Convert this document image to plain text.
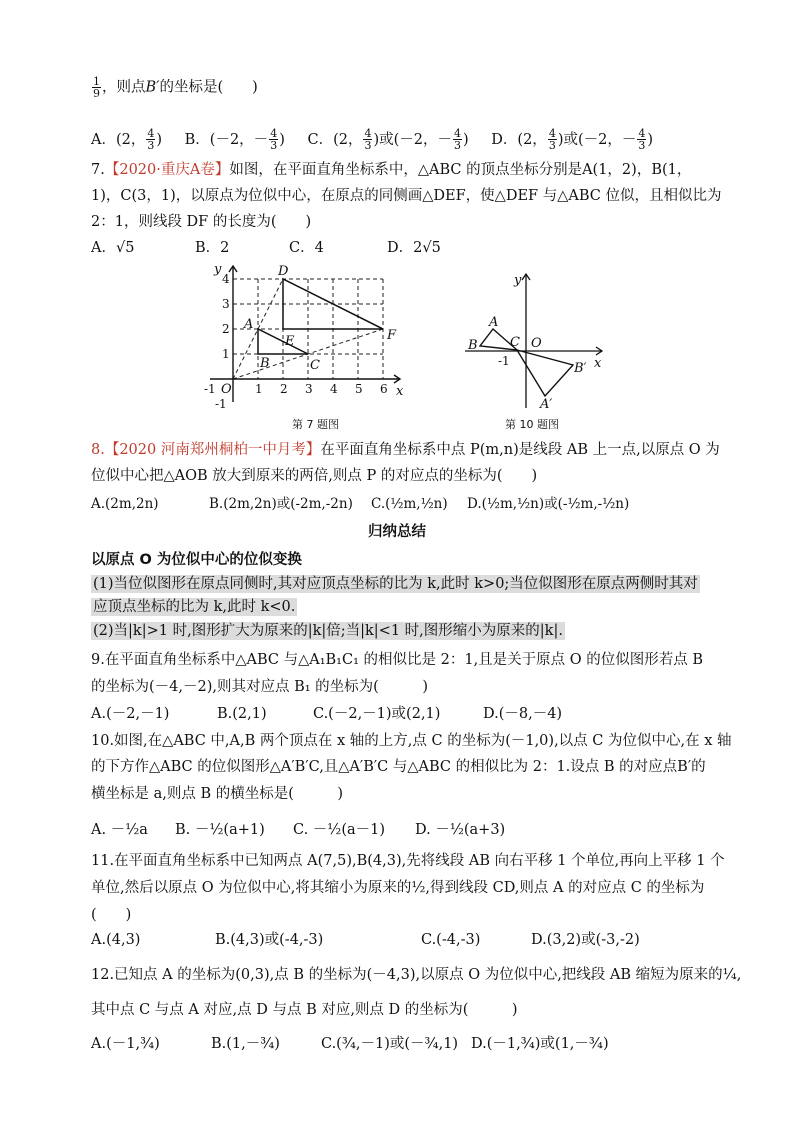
$\frac{1}{9}$ ，则点B′的坐标是(　　)
A．(2， $\frac{4}{3}$ ) B．(－2，－ $\frac{4}{3}$ ) C．(2， $\frac{4}{3}$ )或(－2，－ $\frac{4}{3}$ ) D．(2， $\frac{4}{3}$ )或(－2，－ $\frac{4}{3}$ )
7.【2020·重庆A卷】如图，在平面直角坐标系中，△ABC 的顶点坐标分别是A(1，2)，B(1，
1)，C(3，1)，以原点为位似中心，在原点的同侧画△DEF，使△DEF 与△ABC 位似，且相似比为
2：1，则线段 DF 的长度为(　　)
A．√5	B．2	C．4	D．2√5
y
x
O
A
B	C
D
E	F
-1	1 2 3 4 5 6
1
2
3
4
-1
第 7 题图
y
x
O
A
B C
B′
A′
-1
第 10 题图
8.【2020 河南郑州桐柏一中月考】在平面直角坐标系中点 P(m,n)是线段 AB 上一点,以原点 O 为
位似中心把△AOB 放大到原来的两倍,则点 P 的对应点的坐标为(　　)
A.(2m,2n)	B.(2m,2n)或(-2m,-2n) C.(½m,½n) D.(½m,½n)或(-½m,-½n)
归纳总结
以原点 O 为位似中心的位似变换
(1)当位似图形在原点同侧时,其对应顶点坐标的比为 k,此时 k>0;当位似图形在原点两侧时其对
应顶点坐标的比为 k,此时 k<0.
(2)当|k|>1 时,图形扩大为原来的|k|倍;当|k|<1 时,图形缩小为原来的|k|.
9.在平面直角坐标系中△ABC 与△A₁B₁C₁ 的相似比是 2：1,且是关于原点 O 的位似图形若点 B
的坐标为(－4,－2),则其对应点 B₁ 的坐标为(　　　)
A.(－2,－1)	B.(2,1)	C.(－2,－1)或(2,1)	D.(－8,－4)
10.如图,在△ABC 中,A,B 两个顶点在 x 轴的上方,点 C 的坐标为(－1,0),以点 C 为位似中心,在 x 轴
的下方作△ABC 的位似图形△A′B′C,且△A′B′C 与△ABC 的相似比为 2：1.设点 B 的对应点B′的
横坐标是 a,则点 B 的横坐标是(　　　)
A. －½a B. －½(a+1) C. －½(a－1) D. －½(a+3)
11.在平面直角坐标系中已知两点 A(7,5),B(4,3),先将线段 AB 向右平移 1 个单位,再向上平移 1 个
单位,然后以原点 O 为位似中心,将其缩小为原来的½,得到线段 CD,则点 A 的对应点 C 的坐标为
(　　)
A.(4,3)	B.(4,3)或(-4,-3)	C.(-4,-3)	D.(3,2)或(-3,-2)
12.已知点 A 的坐标为(0,3),点 B 的坐标为(－4,3),以原点 O 为位似中心,把线段 AB 缩短为原来的¼,
其中点 C 与点 A 对应,点 D 与点 B 对应,则点 D 的坐标为(　　　)
A.(－1,¾)	B.(1,－¾)	C.(¾,－1)或(－¾,1) D.(－1,¾)或(1,－¾)
